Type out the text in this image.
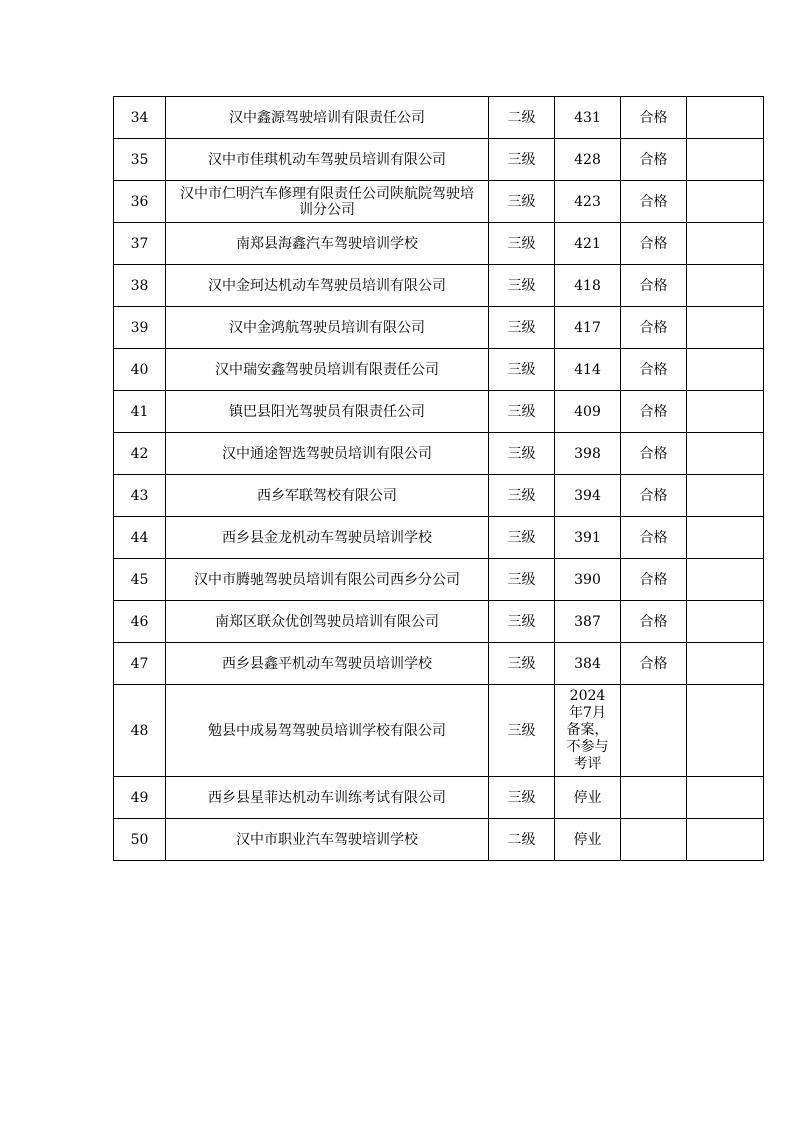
34	汉中鑫源驾驶培训有限责任公司	二级	431	合格	
35	汉中市佳琪机动车驾驶员培训有限公司	三级	428	合格	
36	汉中市仁明汽车修理有限责任公司陕航院驾驶培训分公司	三级	423	合格	
37	南郑县海鑫汽车驾驶培训学校	三级	421	合格	
38	汉中金珂达机动车驾驶员培训有限公司	三级	418	合格	
39	汉中金鸿航驾驶员培训有限公司	三级	417	合格	
40	汉中瑞安鑫驾驶员培训有限责任公司	三级	414	合格	
41	镇巴县阳光驾驶员有限责任公司	三级	409	合格	
42	汉中通途智选驾驶员培训有限公司	三级	398	合格	
43	西乡军联驾校有限公司	三级	394	合格	
44	西乡县金龙机动车驾驶员培训学校	三级	391	合格	
45	汉中市腾驰驾驶员培训有限公司西乡分公司	三级	390	合格	
46	南郑区联众优创驾驶员培训有限公司	三级	387	合格	
47	西乡县鑫平机动车驾驶员培训学校	三级	384	合格	
48	勉县中成易驾驾驶员培训学校有限公司	三级	2024年7月备案，不参与考评		
49	西乡县星菲达机动车训练考试有限公司	三级	停业		
50	汉中市职业汽车驾驶培训学校	二级	停业		
